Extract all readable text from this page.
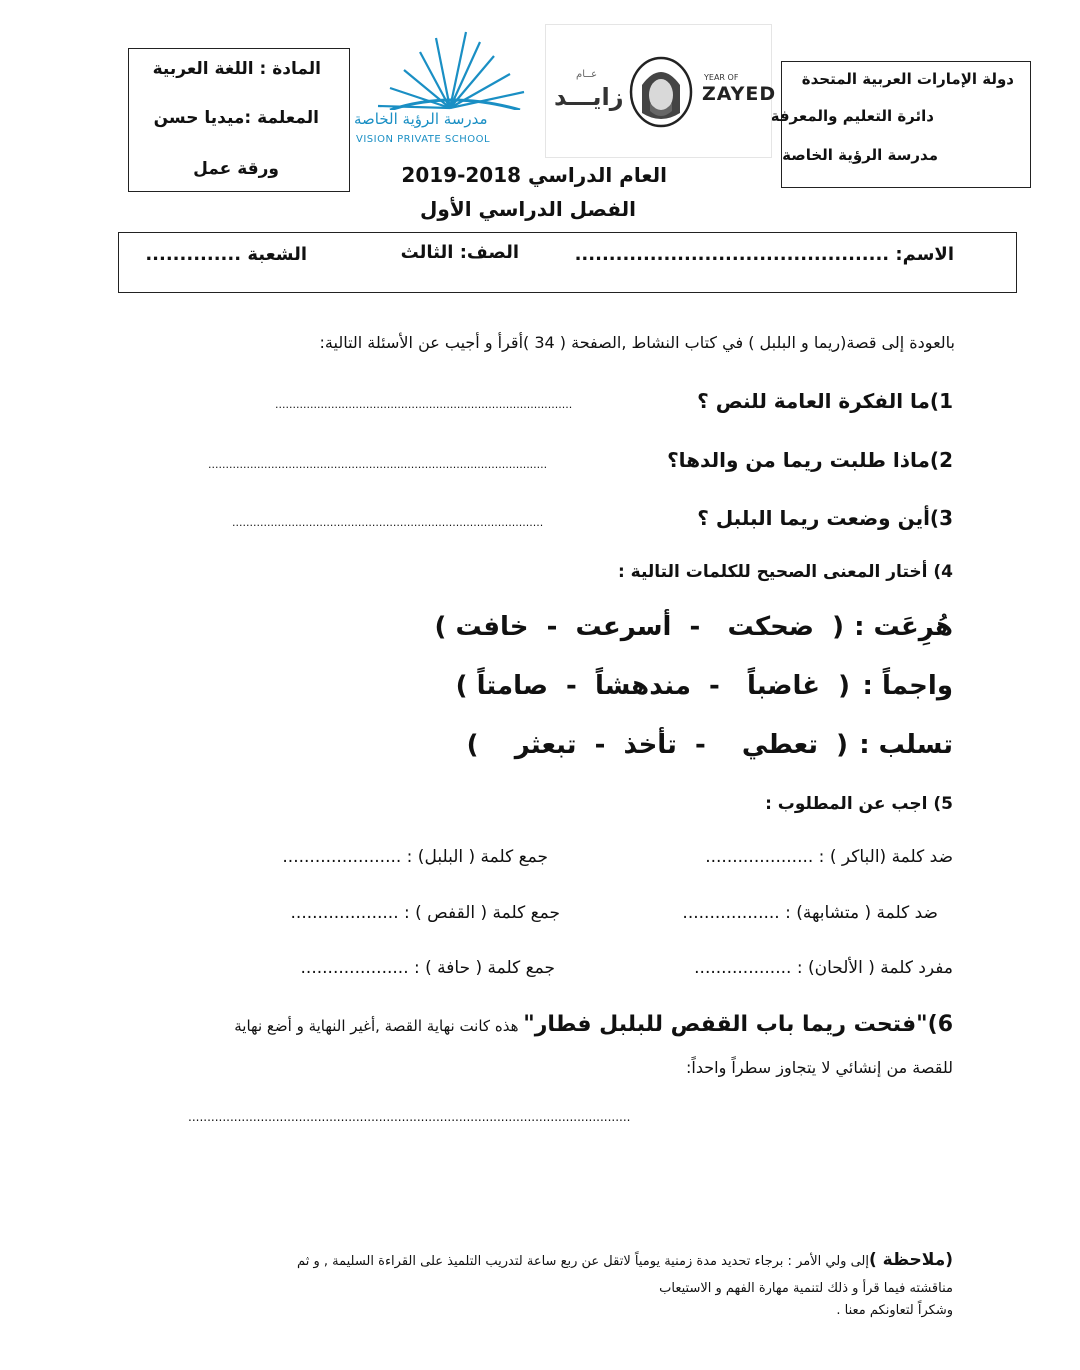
دولة الإمارات العربية المتحدة
دائرة التعليم والمعرفة
مدرسة الرؤية الخاصة
عــام
زايـــد
YEAR OF
ZAYED
مدرسة الرؤية الخاصة
VISION PRIVATE SCHOOL
المادة : اللغة العربية
المعلمة :ميديا حسن
ورقة عمل	العام الدراسي 2018-2019
الفصل الدراسي الأول
الاسم: ..............................................
الصف: الثالث
الشعبة ..............
بالعودة إلى قصة(ريما و البلبل ) في كتاب النشاط ,الصفحة ( 34 )أقرأ و أجيب عن الأسئلة التالية:
1)ما الفكرة العامة للنص ؟
.....................................................................................
2)ماذا طلبت ريما من والدها؟
.................................................................................................
3)أين وضعت ريما البلبل ؟
.........................................................................................
4) أختار المعنى الصحيح للكلمات التالية :
هُرِعَت :
(  ضحكت   -  أسرعت  -  خافت )
واجماً :
(  غاضباً   -  مندهشاً  -  صامتاً )
تسلب :
(  تعطي    -  تأخذ  -  تبعثر    )
5) اجب عن المطلوب :
ضد كلمة (الباكر ) : ....................
جمع كلمة ( البلبل) : ......................
ضد كلمة ( متشابهة) : ..................
جمع كلمة ( القفص ) : ....................
مفرد كلمة ( الألحان) : ..................
جمع كلمة ( حافة ) : ....................
6)"فتحت ريما باب القفص للبلبل فطار" هذه كانت نهاية القصة ,أغير النهاية و أضع نهاية
للقصة من إنشائي لا يتجاوز سطراً واحداً:
....................................................................................................................
(ملاحظة )إلى ولي الأمر : برجاء تحديد مدة زمنية يومياً لاتقل عن ربع ساعة لتدريب التلميذ على القراءة السليمة , و ثم
مناقشته فيما قرأ و ذلك لتنمية مهارة الفهم و الاستيعاب
وشكراً لتعاونكم معنا .
